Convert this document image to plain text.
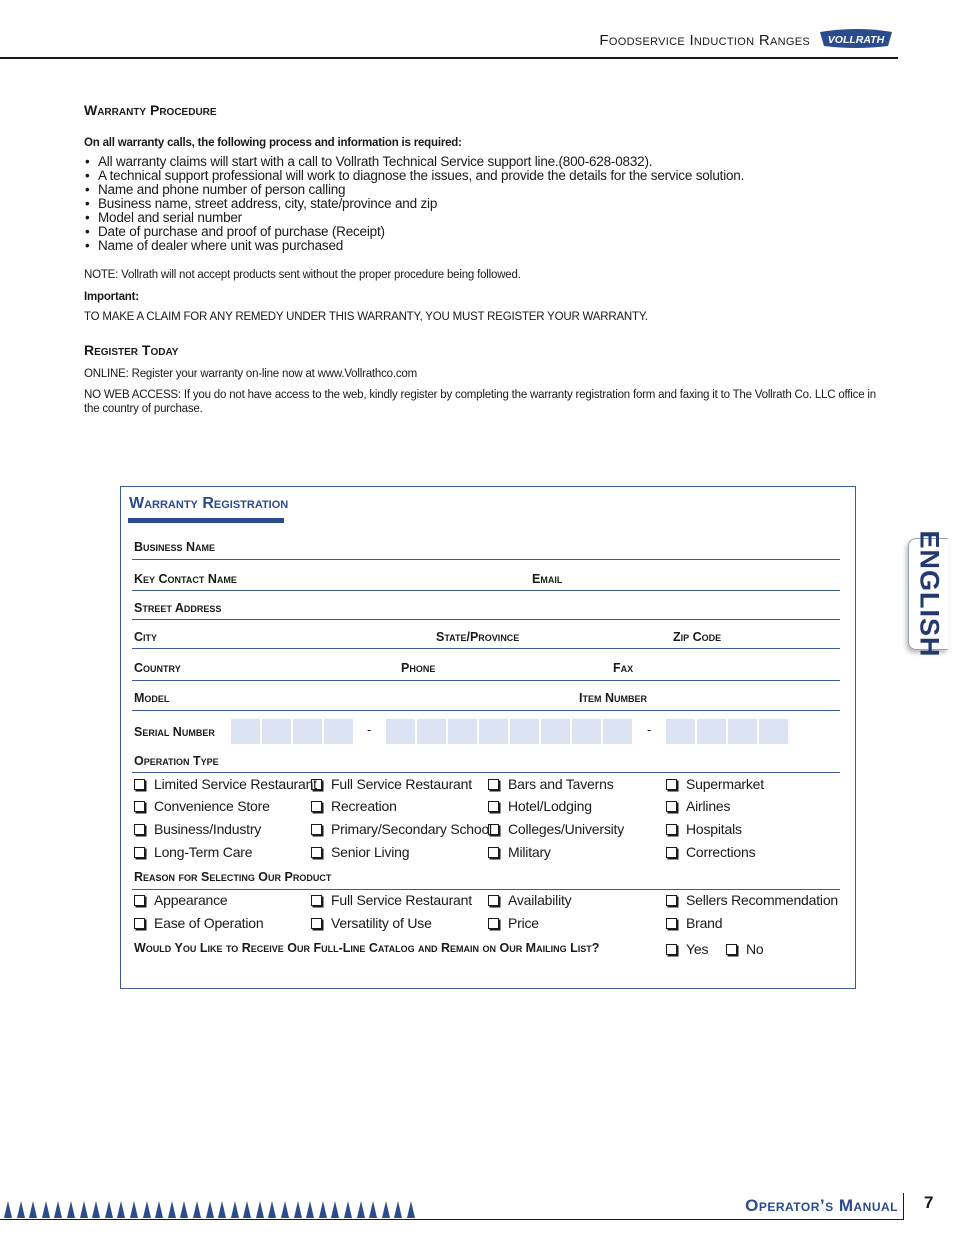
Foodservice Induction Ranges VOLLRATH
ENGLISH
Warranty Procedure
On all warranty calls, the following process and information is required:
• All warranty claims will start with a call to Vollrath Technical Service support line.(800-628-0832).
• A technical support professional will work to diagnose the issues, and provide the details for the service solution.
• Name and phone number of person calling
• Business name, street address, city, state/province and zip
• Model and serial number
• Date of purchase and proof of purchase (Receipt)
• Name of dealer where unit was purchased
NOTE: Vollrath will not accept products sent without the proper procedure being followed.
Important:
TO MAKE A CLAIM FOR ANY REMEDY UNDER THIS WARRANTY, YOU MUST REGISTER YOUR WARRANTY.
Register Today
ONLINE: Register your warranty on-line now at www.Vollrathco.com
NO WEB ACCESS: If you do not have access to the web, kindly register by completing the warranty registration form and faxing it to The Vollrath Co. LLC office in the country of purchase.
Warranty Registration
Business Name
Key Contact Name	Email
Street Address
City	State/Province	Zip Code
Country	Phone	Fax
Model	Item Number
Serial Number	-	-
Operation Type
Limited Service Restaurant	Full Service Restaurant	Bars and Taverns	Supermarket
Convenience Store	Recreation	Hotel/Lodging	Airlines
Business/Industry	Primary/Secondary School	Colleges/University	Hospitals
Long-Term Care	Senior Living	Military	Corrections
Reason for Selecting Our Product
Appearance	Full Service Restaurant	Availability	Sellers Recommendation
Ease of Operation	Versatility of Use	Price	Brand
Would You Like to Receive Our Full-Line Catalog and Remain on Our Mailing List?	Yes	No
Operator’s Manual 7
